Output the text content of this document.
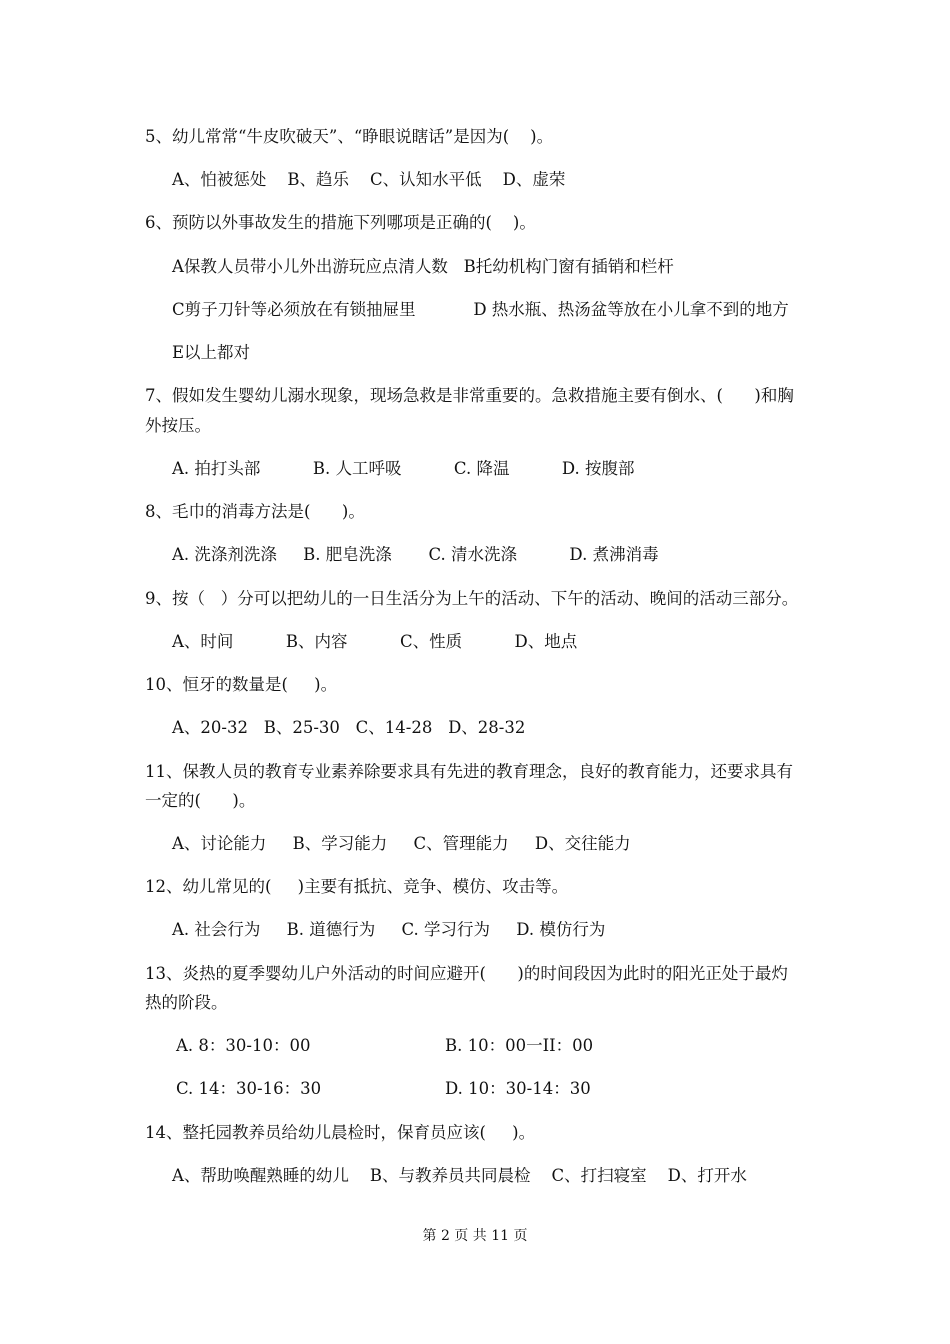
5、幼儿常常“牛皮吹破天”、“睁眼说瞎话”是因为(    )。
A、怕被惩处    B、趋乐    C、认知水平低    D、虚荣
6、预防以外事故发生的措施下列哪项是正确的(    )。
A保教人员带小儿外出游玩应点清人数   B托幼机构门窗有插销和栏杆
C剪子刀针等必须放在有锁抽屉里           D 热水瓶、热汤盆等放在小儿拿不到的地方
E以上都对
7、假如发生婴幼儿溺水现象，现场急救是非常重要的。急救措施主要有倒水、(      )和胸
外按压。
A. 拍打头部          B. 人工呼吸          C. 降温          D. 按腹部
8、毛巾的消毒方法是(      )。
A. 洗涤剂洗涤     B. 肥皂洗涤       C. 清水洗涤          D. 煮沸消毒
9、按（   ）分可以把幼儿的一日生活分为上午的活动、下午的活动、晚间的活动三部分。
A、时间          B、内容          C、性质          D、地点
10、恒牙的数量是(     )。
A、20-32   B、25-30   C、14-28   D、28-32
11、保教人员的教育专业素养除要求具有先进的教育理念，良好的教育能力，还要求具有
一定的(      )。
A、讨论能力     B、学习能力     C、管理能力     D、交往能力
12、幼儿常见的(     )主要有抵抗、竞争、模仿、攻击等。
A. 社会行为     B. 道德行为     C. 学习行为     D. 模仿行为
13、炎热的夏季婴幼儿户外活动的时间应避开(      )的时间段因为此时的阳光正处于最灼
热的阶段。
A. 8：30-10：00	B. 10：00一II：00
C. 14：30-16：30	D. 10：30-14：30
14、整托园教养员给幼儿晨检时，保育员应该(     )。
A、帮助唤醒熟睡的幼儿    B、与教养员共同晨检    C、打扫寝室    D、打开水
第 2 页 共 11 页
